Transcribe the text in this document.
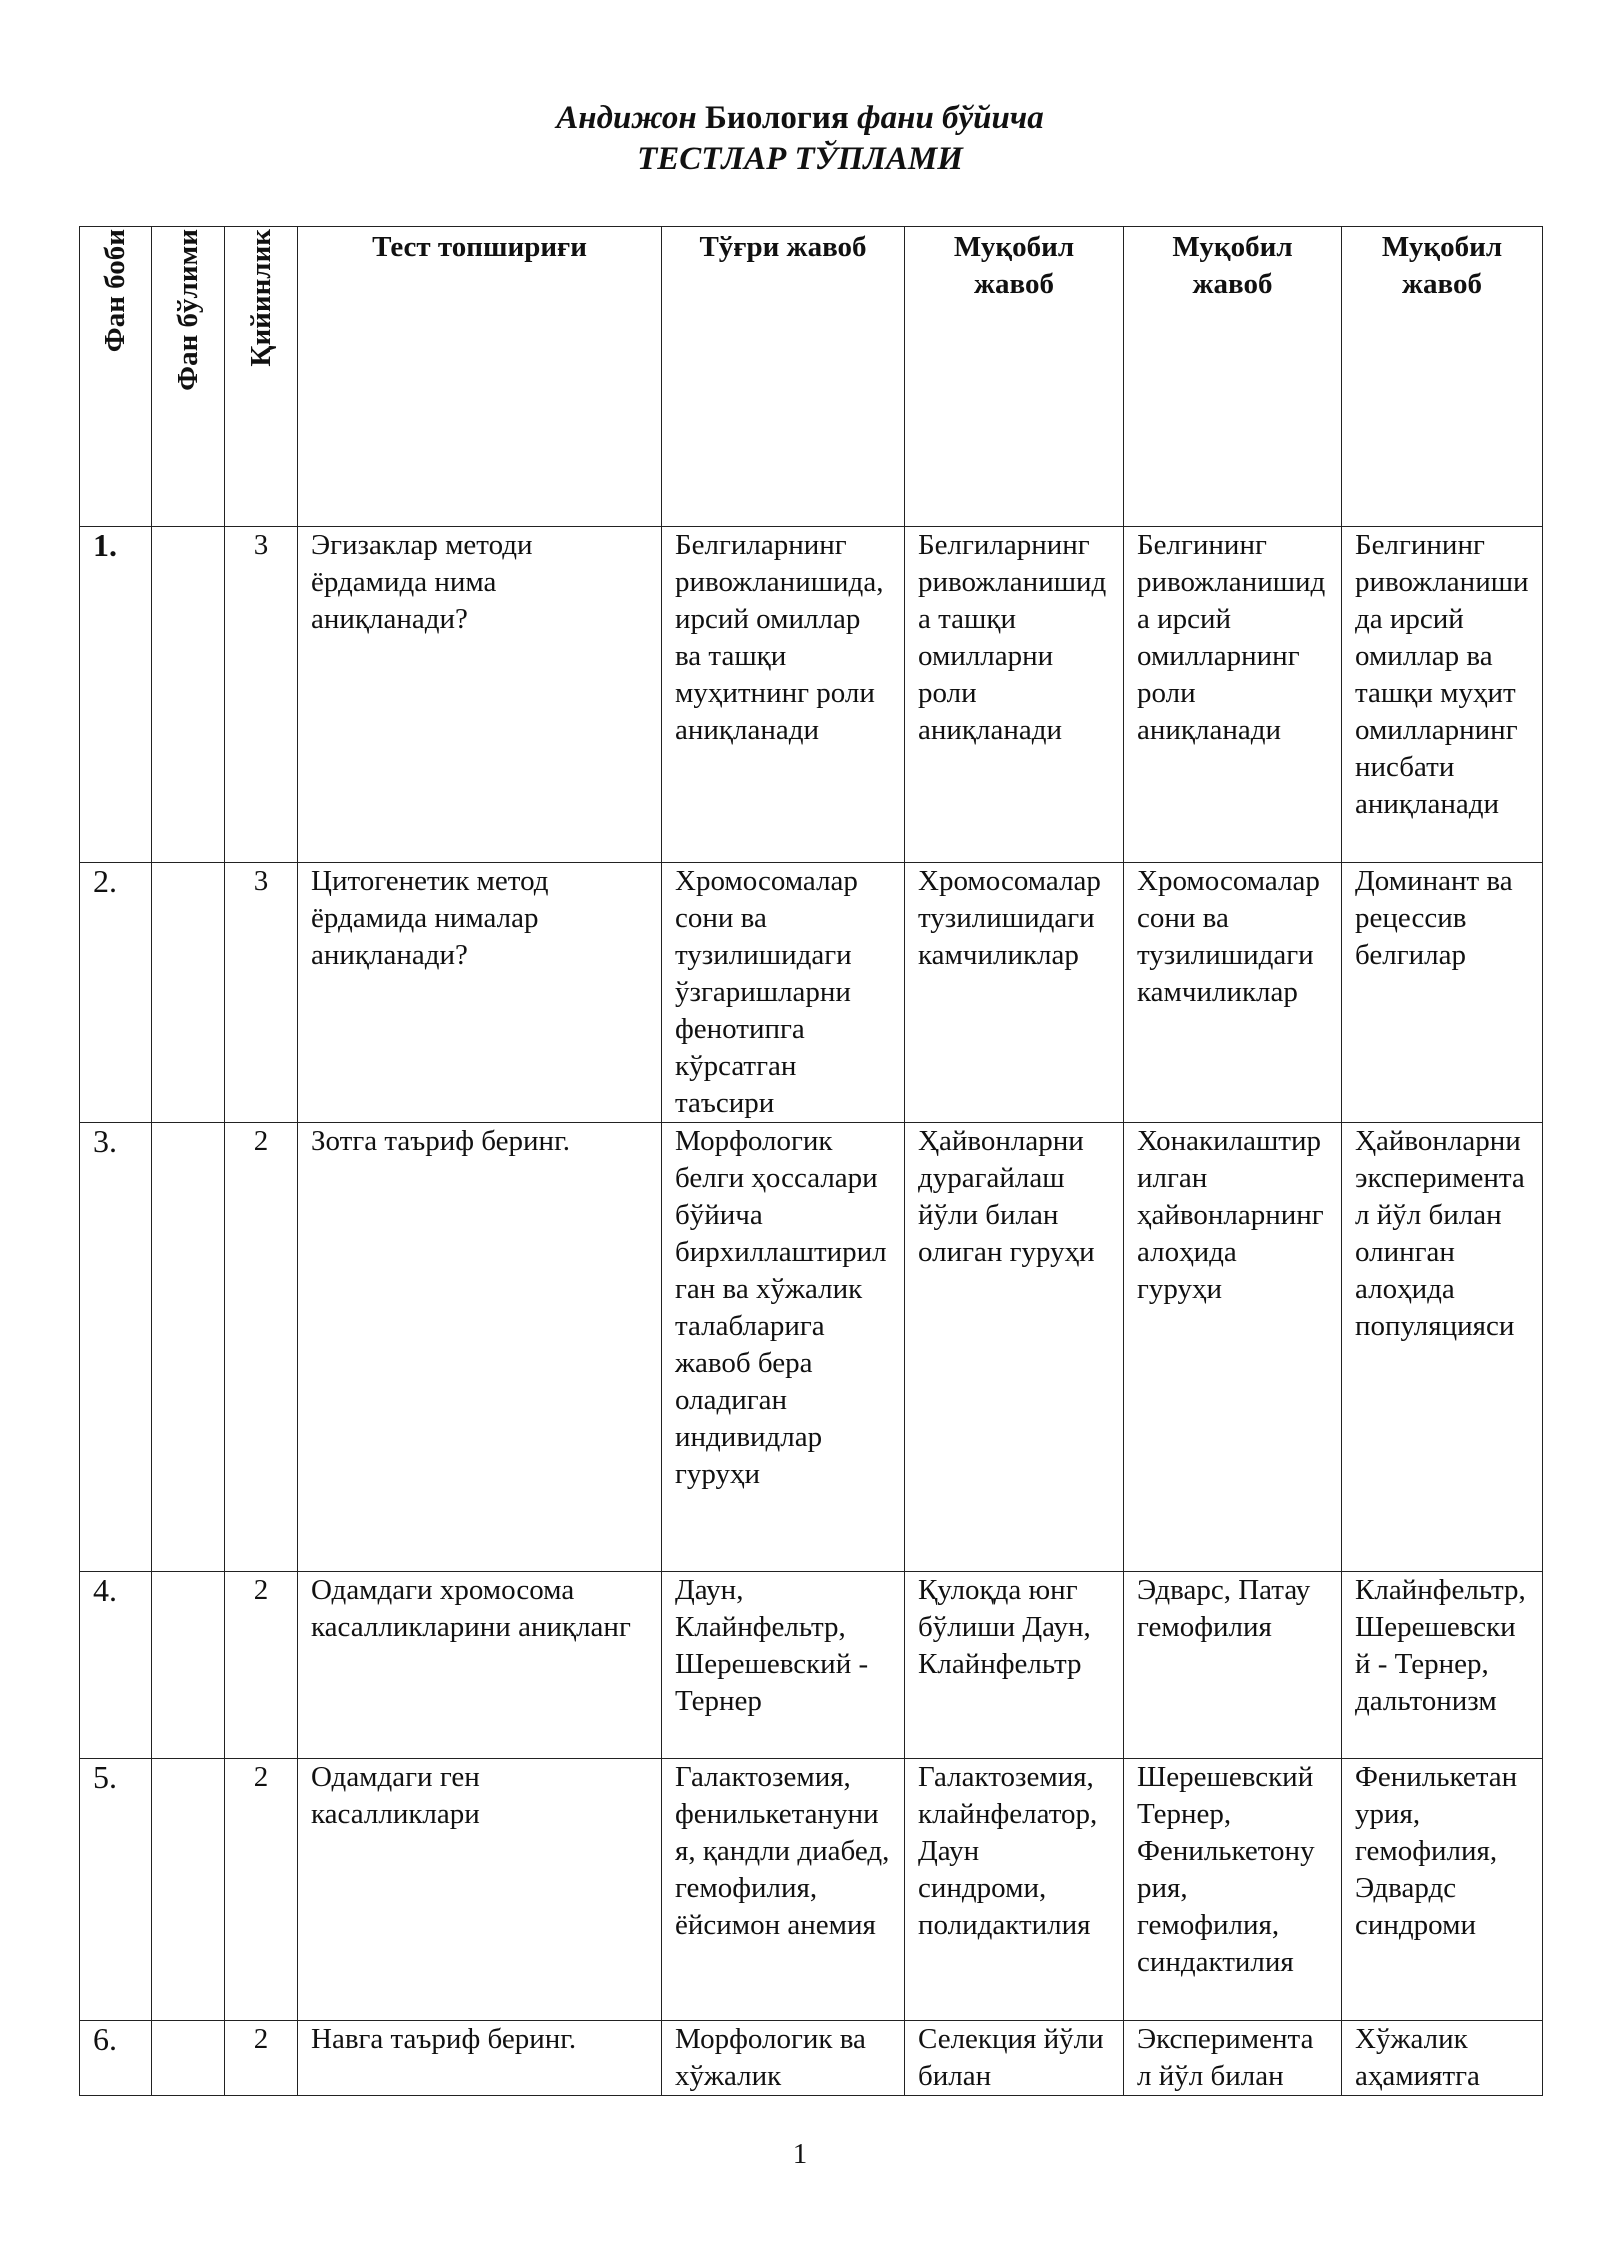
Андижон Биология фани бўйича
ТЕСТЛАР ТЎПЛАМИ
Фан боби	Фан бўлими	Қийинлик	Тест топшириғи	Тўғри жавоб	Муқобил жавоб	Муқобил жавоб	Муқобил жавоб
1.		3	Эгизаклар методи ёрдамида нима аниқланади?	Белгиларнинг ривожланишида, ирсий омиллар ва ташқи муҳитнинг роли аниқланади	Белгиларнинг ривожланишида ташқи омилларни роли аниқланади	Белгининг ривожланишида ирсий омилларнинг роли аниқланади	Белгининг ривожланишида ирсий омиллар ва ташқи муҳит омилларнинг нисбати аниқланади
2.		3	Цитогенетик метод ёрдамида нималар аниқланади?	Хромосомалар сони ва тузилишидаги ўзгаришларни фенотипга кўрсатган таъсири	Хромосомалар тузилишидаги камчиликлар	Хромосомалар сони ва тузилишидаги камчиликлар	Доминант ва рецессив белгилар
3.		2	Зотга таъриф беринг.	Морфологик белги ҳоссалари бўйича бирхиллаштирилган ва хўжалик талабларига жавоб бера оладиган индивидлар гуруҳи	Ҳайвонларни дурагайлаш йўли билан олиган гуруҳи	Хонакилаштирилган ҳайвонларнинг алоҳида гуруҳи	Ҳайвонларни экспериментал йўл билан олинган алоҳида популяцияси
4.		2	Одамдаги хромосома касалликларини аниқланг	Даун, Клайнфельтр, Шерешевский - Тернер	Қулоқда юнг бўлиши Даун, Клайнфельтр	Эдварс, Патау гемофилия	Клайнфельтр, Шерешевский - Тернер, дальтонизм
5.		2	Одамдаги ген касалликлари	Галактоземия, фенилькетануния, қандли диабед, гемофилия, ёйсимон анемия	Галактоземия, клайнфелатор, Даун синдроми, полидактилия	Шерешевский Тернер, Фенилькетонурия, гемофилия, синдактилия	Фенилькетанурия, гемофилия, Эдвардс синдроми
6.		2	Навга таъриф беринг.	Морфологик ва хўжалик	Селекция йўли билан	Экспериментал йўл билан	Хўжалик аҳамиятга
1
